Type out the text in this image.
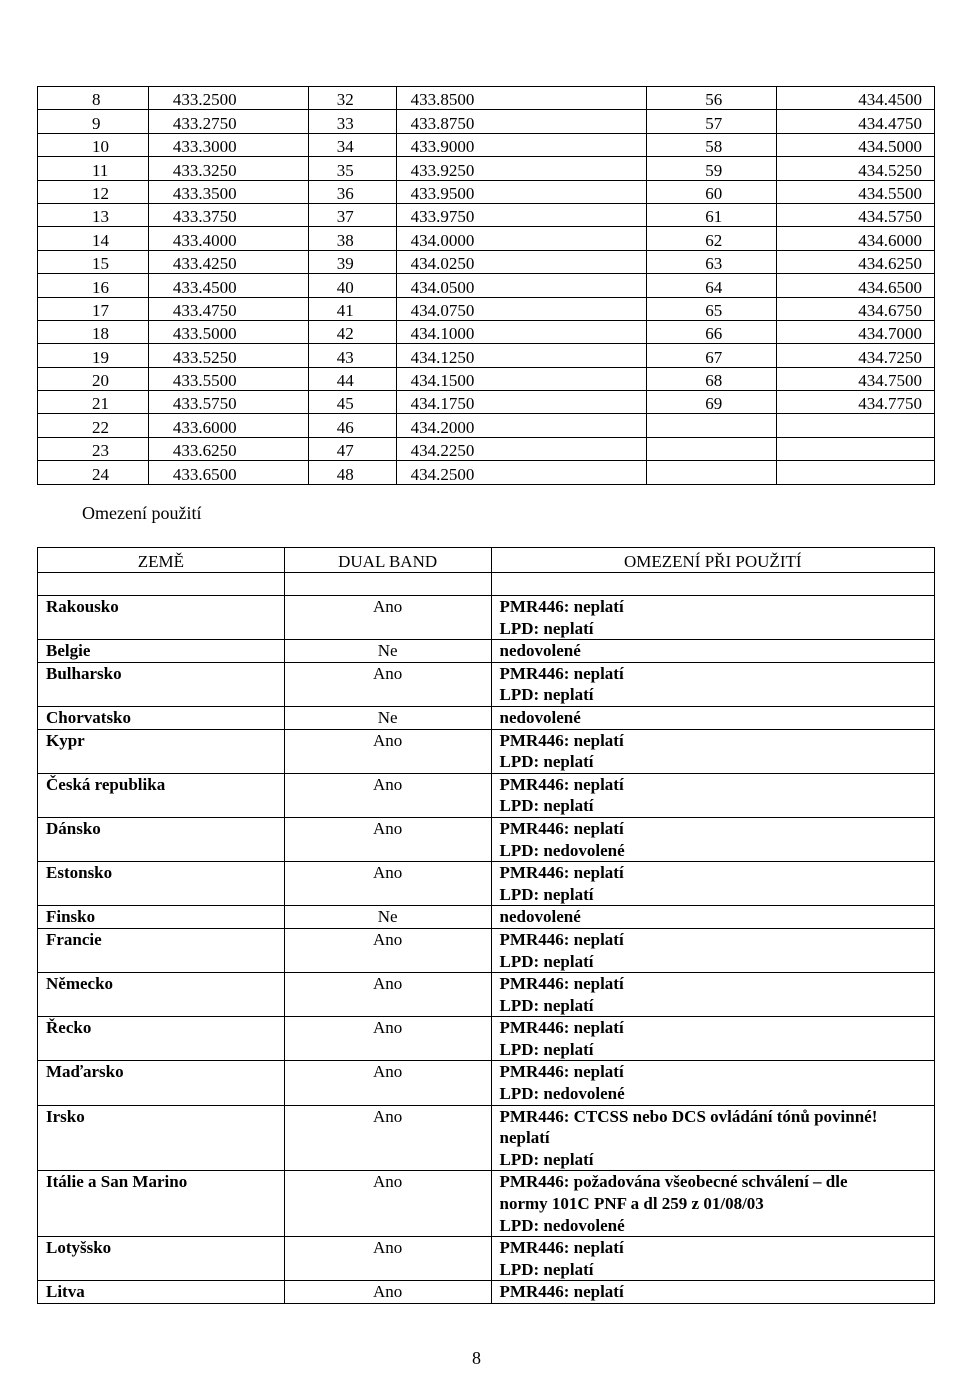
8	433.2500	32	433.8500	56	434.4500
9	433.2750	33	433.8750	57	434.4750
10	433.3000	34	433.9000	58	434.5000
11	433.3250	35	433.9250	59	434.5250
12	433.3500	36	433.9500	60	434.5500
13	433.3750	37	433.9750	61	434.5750
14	433.4000	38	434.0000	62	434.6000
15	433.4250	39	434.0250	63	434.6250
16	433.4500	40	434.0500	64	434.6500
17	433.4750	41	434.0750	65	434.6750
18	433.5000	42	434.1000	66	434.7000
19	433.5250	43	434.1250	67	434.7250
20	433.5500	44	434.1500	68	434.7500
21	433.5750	45	434.1750	69	434.7750
22	433.6000	46	434.2000		
23	433.6250	47	434.2250		
24	433.6500	48	434.2500		
Omezení použití
ZEMĚ	DUAL BAND	OMEZENÍ PŘI POUŽITÍ

Rakousko	Ano	PMR446: neplatí
LPD: neplatí

Belgie	Ne	nedovolené

Bulharsko	Ano	PMR446: neplatí
LPD: neplatí

Chorvatsko	Ne	nedovolené

Kypr	Ano	PMR446: neplatí
LPD: neplatí

Česká republika	Ano	PMR446: neplatí
LPD: neplatí

Dánsko	Ano	PMR446: neplatí
LPD: nedovolené

Estonsko	Ano	PMR446: neplatí
LPD: neplatí

Finsko	Ne	nedovolené

Francie	Ano	PMR446: neplatí
LPD: neplatí

Německo	Ano	PMR446: neplatí
LPD: neplatí

Řecko	Ano	PMR446: neplatí
LPD: neplatí

Maďarsko	Ano	PMR446: neplatí
LPD: nedovolené

Irsko	Ano	PMR446: CTCSS nebo DCS ovládání tónů povinné!
neplatí
LPD: neplatí

Itálie a San Marino	Ano	PMR446: požadována všeobecné schválení – dle
normy 101C PNF a dl 259 z 01/08/03
LPD: nedovolené

Lotyšsko	Ano	PMR446: neplatí
LPD: neplatí

Litva	Ano	PMR446: neplatí
8
